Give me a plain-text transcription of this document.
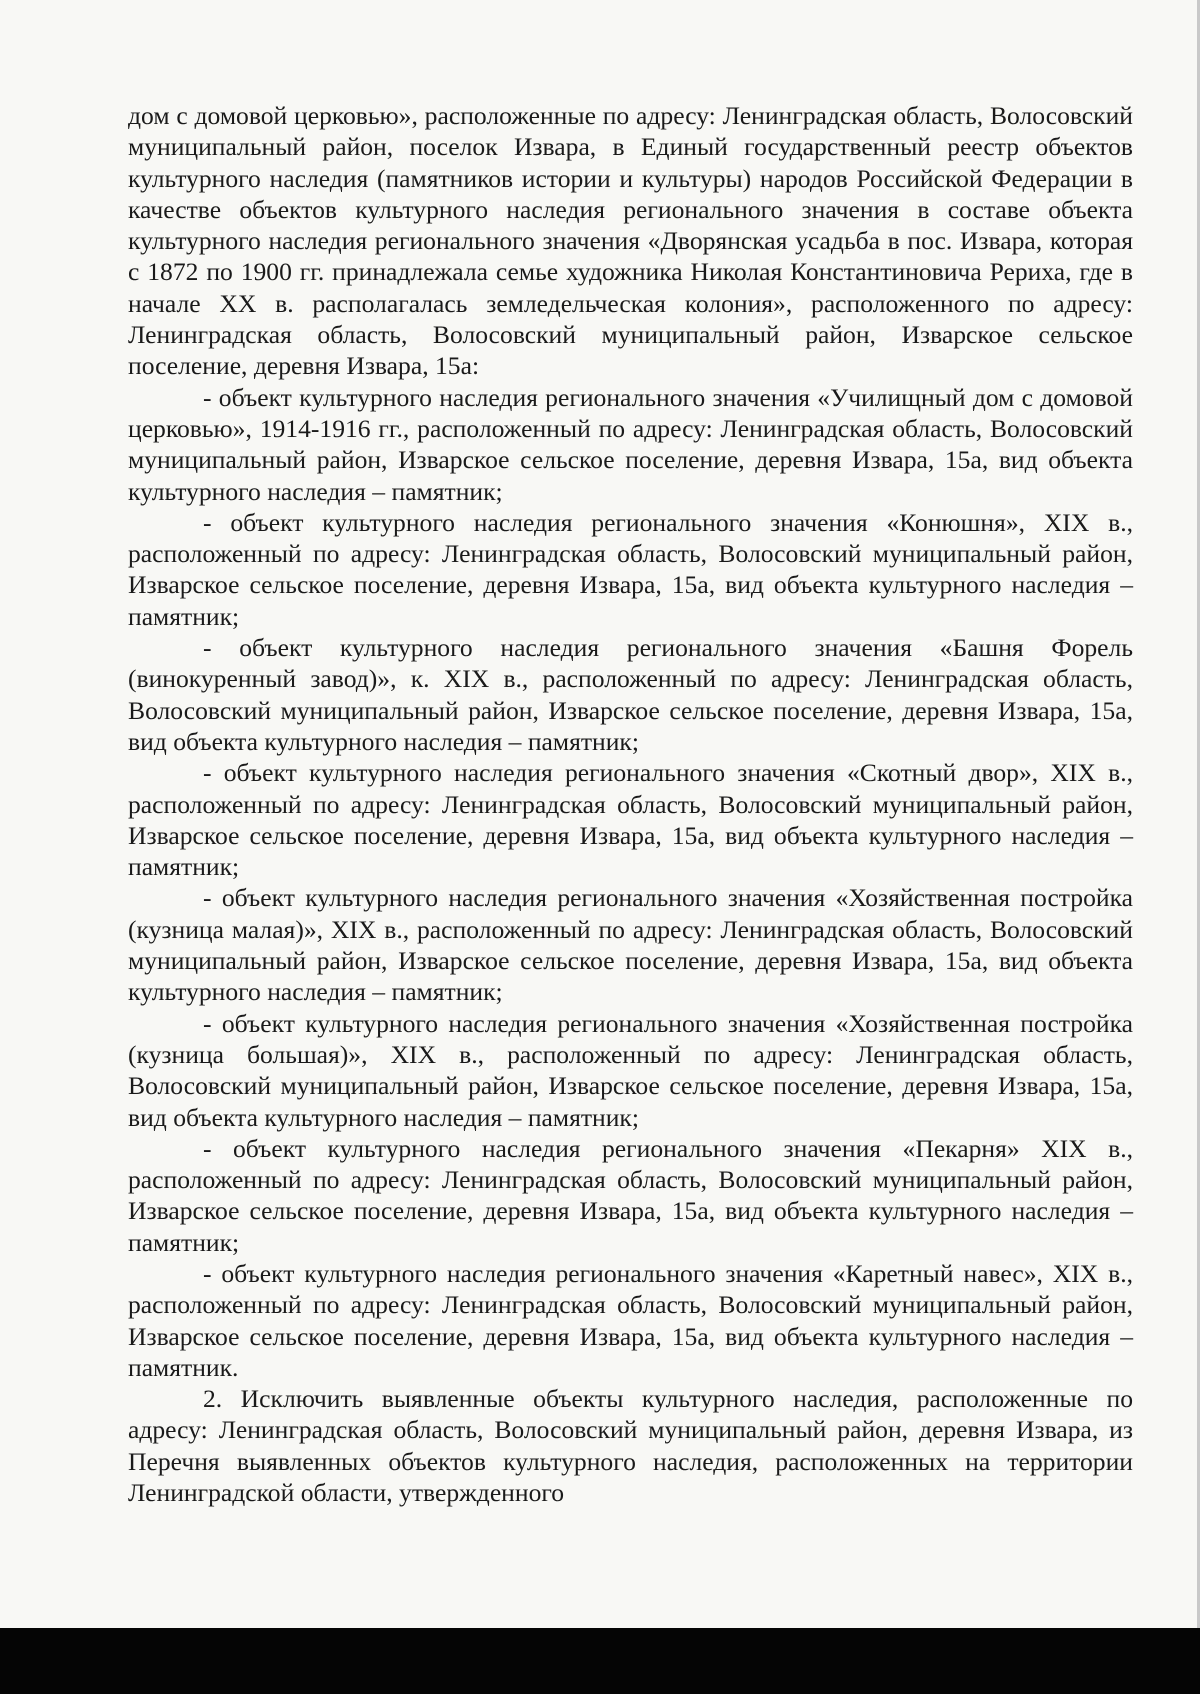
дом с домовой церковью», расположенные по адресу: Ленинградская область, Волосовский муниципальный район, поселок Извара, в Единый государственный реестр объектов культурного наследия (памятников истории и культуры) народов Российской Федерации в качестве объектов культурного наследия регионального значения в составе объекта культурного наследия регионального значения «Дворянская усадьба в пос. Извара, которая с 1872 по 1900 гг. принадлежала семье художника Николая Константиновича Рериха, где в начале XX в. располагалась земледельческая колония», расположенного по адресу: Ленинградская область, Волосовский муниципальный район, Изварское сельское поселение, деревня Извара, 15а:

- объект культурного наследия регионального значения «Училищный дом с домовой церковью», 1914-1916 гг., расположенный по адресу: Ленинградская область, Волосовский муниципальный район, Изварское сельское поселение, деревня Извара, 15а, вид объекта культурного наследия – памятник;

- объект культурного наследия регионального значения «Конюшня», XIX в., расположенный по адресу: Ленинградская область, Волосовский муниципальный район, Изварское сельское поселение, деревня Извара, 15а, вид объекта культурного наследия – памятник;

- объект культурного наследия регионального значения «Башня Форель (винокуренный завод)», к. XIX в., расположенный по адресу: Ленинградская область, Волосовский муниципальный район, Изварское сельское поселение, деревня Извара, 15а, вид объекта культурного наследия – памятник;

- объект культурного наследия регионального значения «Скотный двор», XIX в., расположенный по адресу: Ленинградская область, Волосовский муниципальный район, Изварское сельское поселение, деревня Извара, 15а, вид объекта культурного наследия – памятник;

- объект культурного наследия регионального значения «Хозяйственная постройка (кузница малая)», XIX в., расположенный по адресу: Ленинградская область, Волосовский муниципальный район, Изварское сельское поселение, деревня Извара, 15а, вид объекта культурного наследия – памятник;

- объект культурного наследия регионального значения «Хозяйственная постройка (кузница большая)», XIX в., расположенный по адресу: Ленинградская область, Волосовский муниципальный район, Изварское сельское поселение, деревня Извара, 15а, вид объекта культурного наследия – памятник;

- объект культурного наследия регионального значения «Пекарня» XIX в., расположенный по адресу: Ленинградская область, Волосовский муниципальный район, Изварское сельское поселение, деревня Извара, 15а, вид объекта культурного наследия – памятник;

- объект культурного наследия регионального значения «Каретный навес», XIX в., расположенный по адресу: Ленинградская область, Волосовский муниципальный район, Изварское сельское поселение, деревня Извара, 15а, вид объекта культурного наследия – памятник.

2. Исключить выявленные объекты культурного наследия, расположенные по адресу: Ленинградская область, Волосовский муниципальный район, деревня Извара, из Перечня выявленных объектов культурного наследия, расположенных на территории Ленинградской области, утвержденного
